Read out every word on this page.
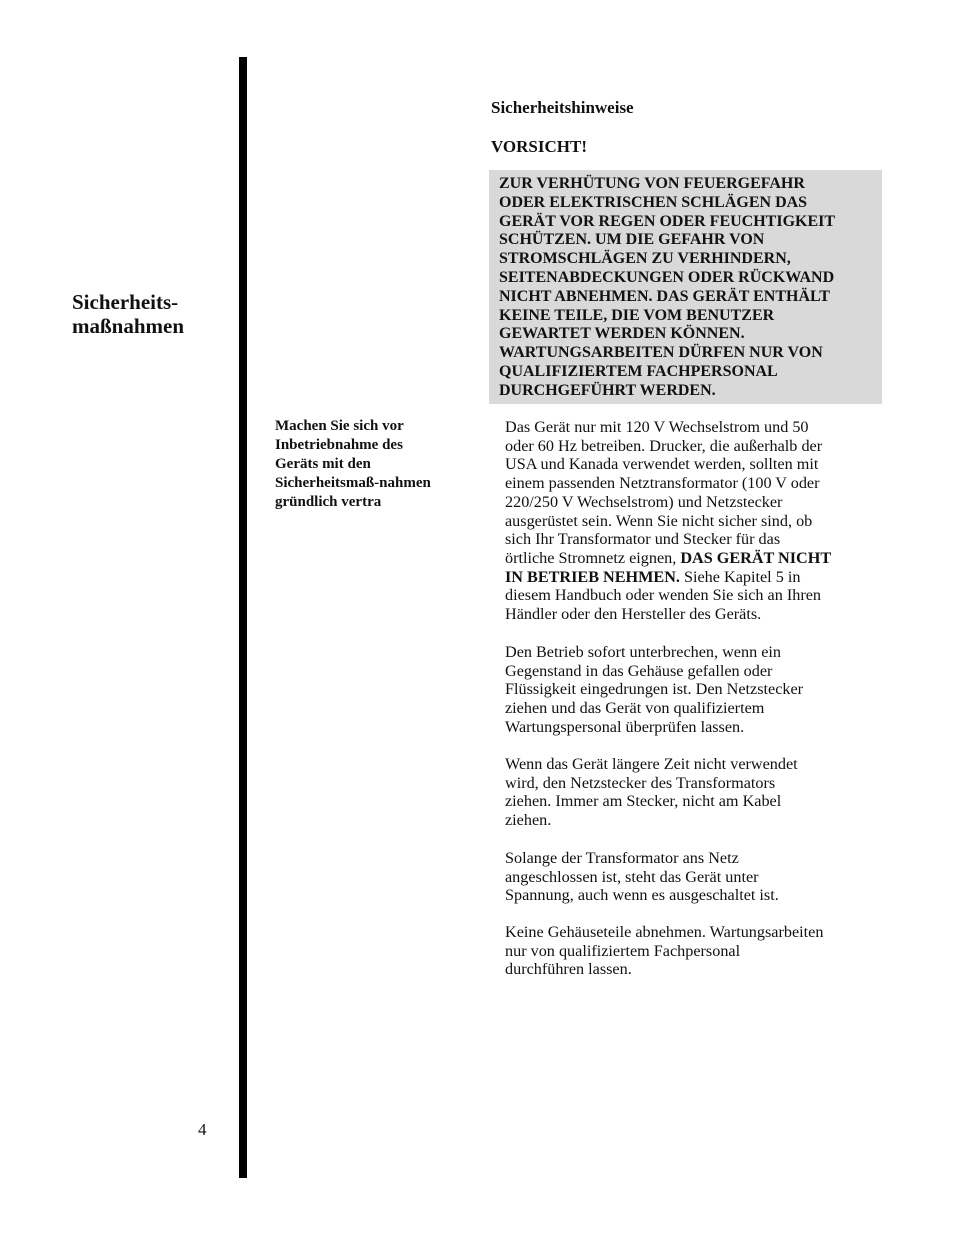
Sicherheits-
maßnahmen
4
Machen Sie sich vor
Inbetriebnahme des
Geräts mit den
Sicherheitsmaß-nahmen
gründlich vertra
Sicherheitshinweise
VORSICHT!
ZUR VERHÜTUNG VON FEUERGEFAHR
ODER ELEKTRISCHEN SCHLÄGEN DAS
GERÄT VOR REGEN ODER FEUCHTIGKEIT
SCHÜTZEN. UM DIE GEFAHR VON
STROMSCHLÄGEN ZU VERHINDERN,
SEITENABDECKUNGEN ODER RÜCKWAND
NICHT ABNEHMEN. DAS GERÄT ENTHÄLT
KEINE TEILE, DIE VOM BENUTZER
GEWARTET WERDEN KÖNNEN.
WARTUNGSARBEITEN DÜRFEN NUR VON
QUALIFIZIERTEM FACHPERSONAL
DURCHGEFÜHRT WERDEN.
Das Gerät nur mit 120 V Wechselstrom und 50
oder 60 Hz betreiben. Drucker, die außerhalb der
USA und Kanada verwendet werden, sollten mit
einem passenden Netztransformator (100 V oder
220/250 V Wechselstrom) und Netzstecker
ausgerüstet sein. Wenn Sie nicht sicher sind, ob
sich Ihr Transformator und Stecker für das
örtliche Stromnetz eignen, DAS GERÄT NICHT
IN BETRIEB NEHMEN. Siehe Kapitel 5 in
diesem Handbuch oder wenden Sie sich an Ihren
Händler oder den Hersteller des Geräts.
Den Betrieb sofort unterbrechen, wenn ein
Gegenstand in das Gehäuse gefallen oder
Flüssigkeit eingedrungen ist. Den Netzstecker
ziehen und das Gerät von qualifiziertem
Wartungspersonal überprüfen lassen.
Wenn das Gerät längere Zeit nicht verwendet
wird, den Netzstecker des Transformators
ziehen. Immer am Stecker, nicht am Kabel
ziehen.
Solange der Transformator ans Netz
angeschlossen ist, steht das Gerät unter
Spannung, auch wenn es ausgeschaltet ist.
Keine Gehäuseteile abnehmen. Wartungsarbeiten
nur von qualifiziertem Fachpersonal
durchführen lassen.
